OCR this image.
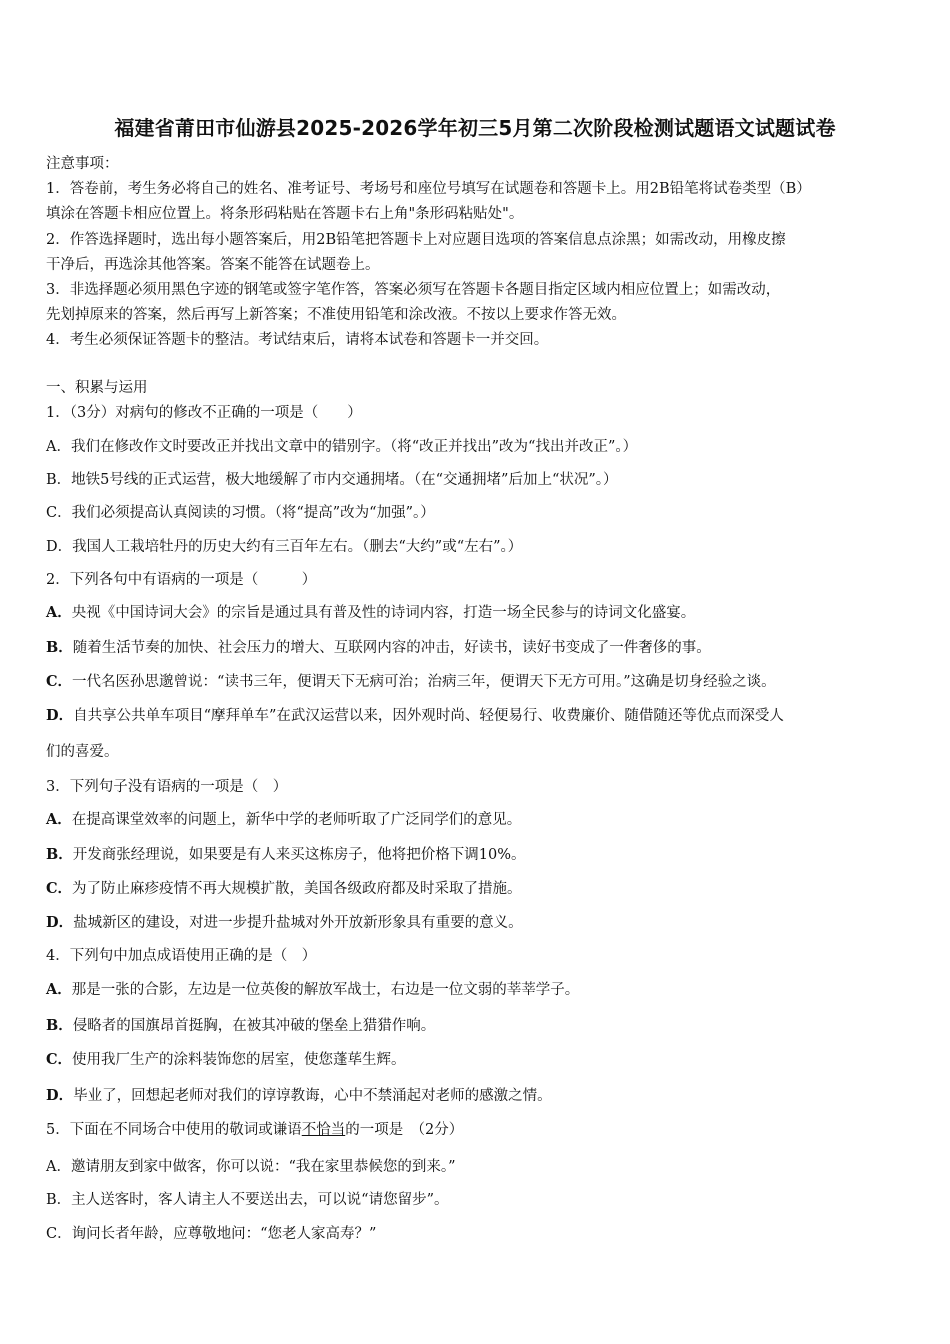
福建省莆田市仙游县2025-2026学年初三5月第二次阶段检测试题语文试题试卷
注意事项：
1．答卷前，考生务必将自己的姓名、准考证号、考场号和座位号填写在试题卷和答题卡上。用2B铅笔将试卷类型（B）
填涂在答题卡相应位置上。将条形码粘贴在答题卡右上角"条形码粘贴处"。
2．作答选择题时，选出每小题答案后，用2B铅笔把答题卡上对应题目选项的答案信息点涂黑；如需改动，用橡皮擦
干净后，再选涂其他答案。答案不能答在试题卷上。
3．非选择题必须用黑色字迹的钢笔或签字笔作答，答案必须写在答题卡各题目指定区域内相应位置上；如需改动，
先划掉原来的答案，然后再写上新答案；不准使用铅笔和涂改液。不按以上要求作答无效。
4．考生必须保证答题卡的整洁。考试结束后，请将本试卷和答题卡一并交回。
一、积累与运用
1．（3分）对病句的修改不正确的一项是（　　）
A．我们在修改作文时要改正并找出文章中的错别字。（将“改正并找出”改为“找出并改正”。）
B．地铁5号线的正式运营，极大地缓解了市内交通拥堵。（在“交通拥堵”后加上“状况”。）
C．我们必须提高认真阅读的习惯。（将“提高”改为“加强”。）
D．我国人工栽培牡丹的历史大约有三百年左右。（删去“大约”或“左右”。）
2．下列各句中有语病的一项是（　　　）
A．央视《中国诗词大会》的宗旨是通过具有普及性的诗词内容，打造一场全民参与的诗词文化盛宴。
B．随着生活节奏的加快、社会压力的增大、互联网内容的冲击，好读书，读好书变成了一件奢侈的事。
C．一代名医孙思邈曾说：“读书三年，便谓天下无病可治；治病三年，便谓天下无方可用。”这确是切身经验之谈。
D．自共享公共单车项目“摩拜单车”在武汉运营以来，因外观时尚、轻便易行、收费廉价、随借随还等优点而深受人
们的喜爱。
3．下列句子没有语病的一项是（　）
A．在提高课堂效率的问题上，新华中学的老师听取了广泛同学们的意见。
B．开发商张经理说，如果要是有人来买这栋房子，他将把价格下调10%。
C．为了防止麻疹疫情不再大规模扩散，美国各级政府都及时采取了措施。
D．盐城新区的建设，对进一步提升盐城对外开放新形象具有重要的意义。
4．下列句中加点成语使用正确的是（　）
A．那是一张的合影，左边是一位英俊的解放军战士，右边是一位文弱的莘莘学子。
B．侵略者的国旗昂首挺胸，在被其冲破的堡垒上猎猎作响。
C．使用我厂生产的涂料装饰您的居室，使您蓬荜生辉。
D．毕业了，回想起老师对我们的谆谆教诲，心中不禁涌起对老师的感激之情。
5．下面在不同场合中使用的敬词或谦语不恰当的一项是　（2分）
A．邀请朋友到家中做客，你可以说：“我在家里恭候您的到来。”
B．主人送客时，客人请主人不要送出去，可以说“请您留步”。
C．询问长者年龄，应尊敬地问：“您老人家高寿？”
